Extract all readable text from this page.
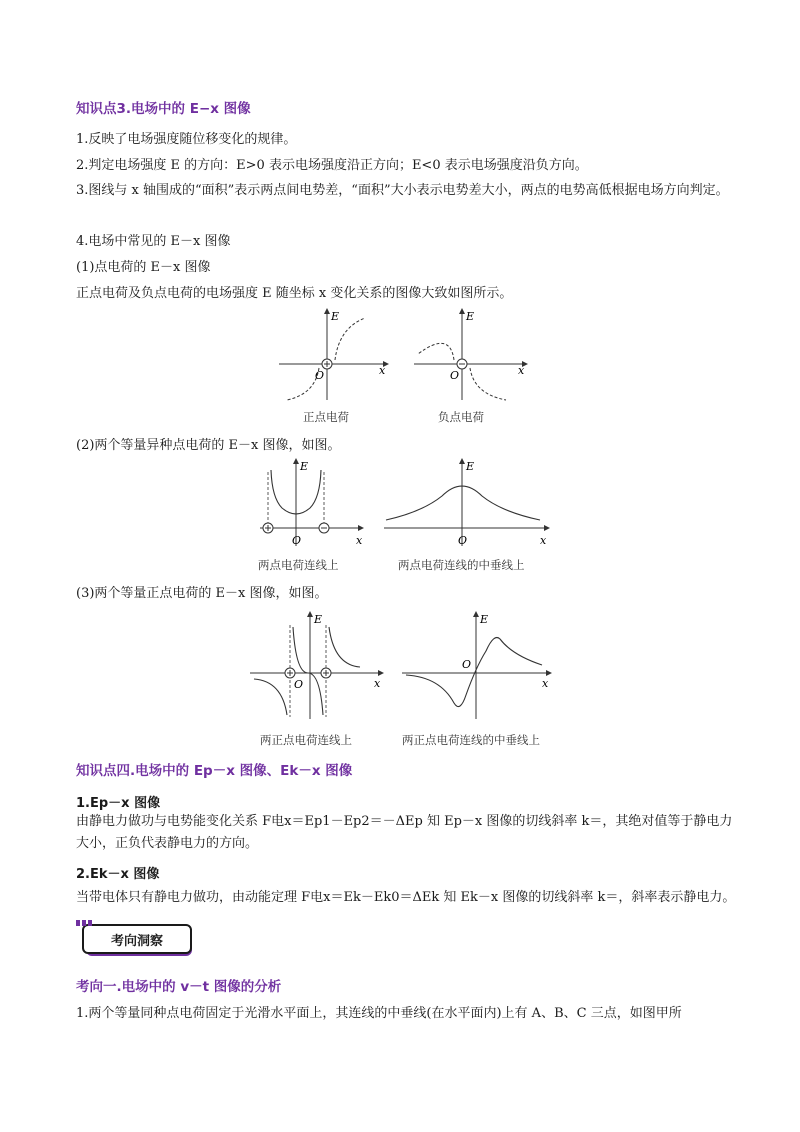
知识点3.电场中的 E−x 图像
1.反映了电场强度随位移变化的规律。
2.判定电场强度 E 的方向：E>0 表示电场强度沿正方向；E<0 表示电场强度沿负方向。
3.图线与 x 轴围成的“面积”表示两点间电势差，“面积”大小表示电势差大小，两点的电势高低根据电场方向判定。
4.电场中常见的 E－x 图像
(1)点电荷的 E－x 图像
正点电荷及负点电荷的电场强度 E 随坐标 x 变化关系的图像大致如图所示。
E
x
O
正点电荷
E
x
O
负点电荷
(2)两个等量异种点电荷的 E－x 图像，如图。
E
x
O
两点电荷连线上
E
x
O
两点电荷连线的中垂线上
(3)两个等量正点电荷的 E－x 图像，如图。
E
x
O
两正点电荷连线上
E
x
O
两正点电荷连线的中垂线上
知识点四.电场中的 Ep－x 图像、Ek－x 图像
1.Ep－x 图像
由静电力做功与电势能变化关系 F电x＝Ep1－Ep2＝－ΔEp 知 Ep－x 图像的切线斜率 k＝，其绝对值等于静电力大小，正负代表静电力的方向。
2.Ek－x 图像
当带电体只有静电力做功，由动能定理 F电x＝Ek－Ek0＝ΔEk 知 Ek－x 图像的切线斜率 k＝，斜率表示静电力。
考向洞察
考向一.电场中的 v－t 图像的分析
1.两个等量同种点电荷固定于光滑水平面上，其连线的中垂线(在水平面内)上有 A、B、C 三点，如图甲所
